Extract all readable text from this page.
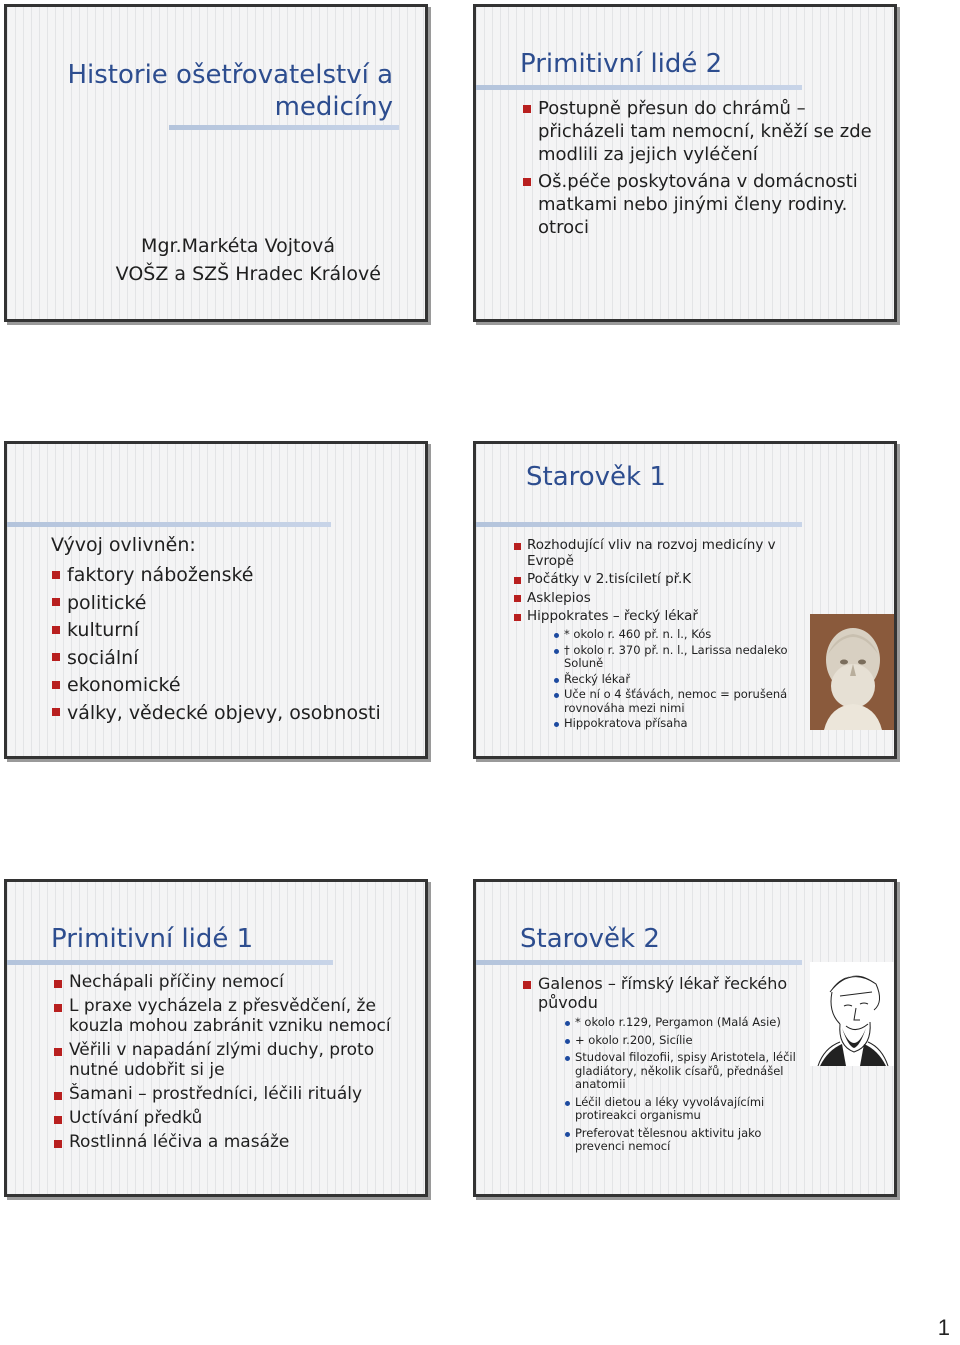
Historie ošetřovatelství a medicíny
Mgr.Markéta Vojtová
VOŠZ a SZŠ Hradec Králové
Primitivní lidé 2
Postupně přesun do chrámů – přicházeli tam nemocní, kněží se zde modlili za jejich vyléčení
Oš.péče poskytována v domácnosti matkami nebo jinými členy rodiny. otroci
Vývoj ovlivněn:
faktory náboženské
politické
kulturní
sociální
ekonomické
války, vědecké objevy, osobnosti
Starověk 1
Rozhodující vliv na rozvoj medicíny v Evropě
Počátky v 2.tisíciletí př.K
Asklepios
Hippokrates – řecký lékař
* okolo r. 460 př. n. l., Kós
† okolo r. 370 př. n. l., Larissa nedaleko Soluně
Řecký lékař
Uče ní o 4 šťávách, nemoc = porušená rovnováha mezi nimi
Hippokratova přísaha
Primitivní lidé 1
Nechápali příčiny nemocí
L praxe vycházela z přesvědčení, že kouzla mohou zabránit vzniku nemocí
Věřili v napadání zlými duchy, proto nutné udobřit si je
Šamani – prostředníci, léčili rituály
Uctívání předků
Rostlinná léčiva a masáže
Starověk 2
Galenos – římský lékař řeckého původu
* okolo r.129, Pergamon (Malá Asie)
+ okolo r.200, Sicílie
Studoval filozofii, spisy Aristotela, léčil gladiátory, několik císařů, přednášel anatomii
Léčil dietou a léky vyvolávajícími protireakci organismu
Preferovat tělesnou aktivitu jako prevenci nemocí
1
